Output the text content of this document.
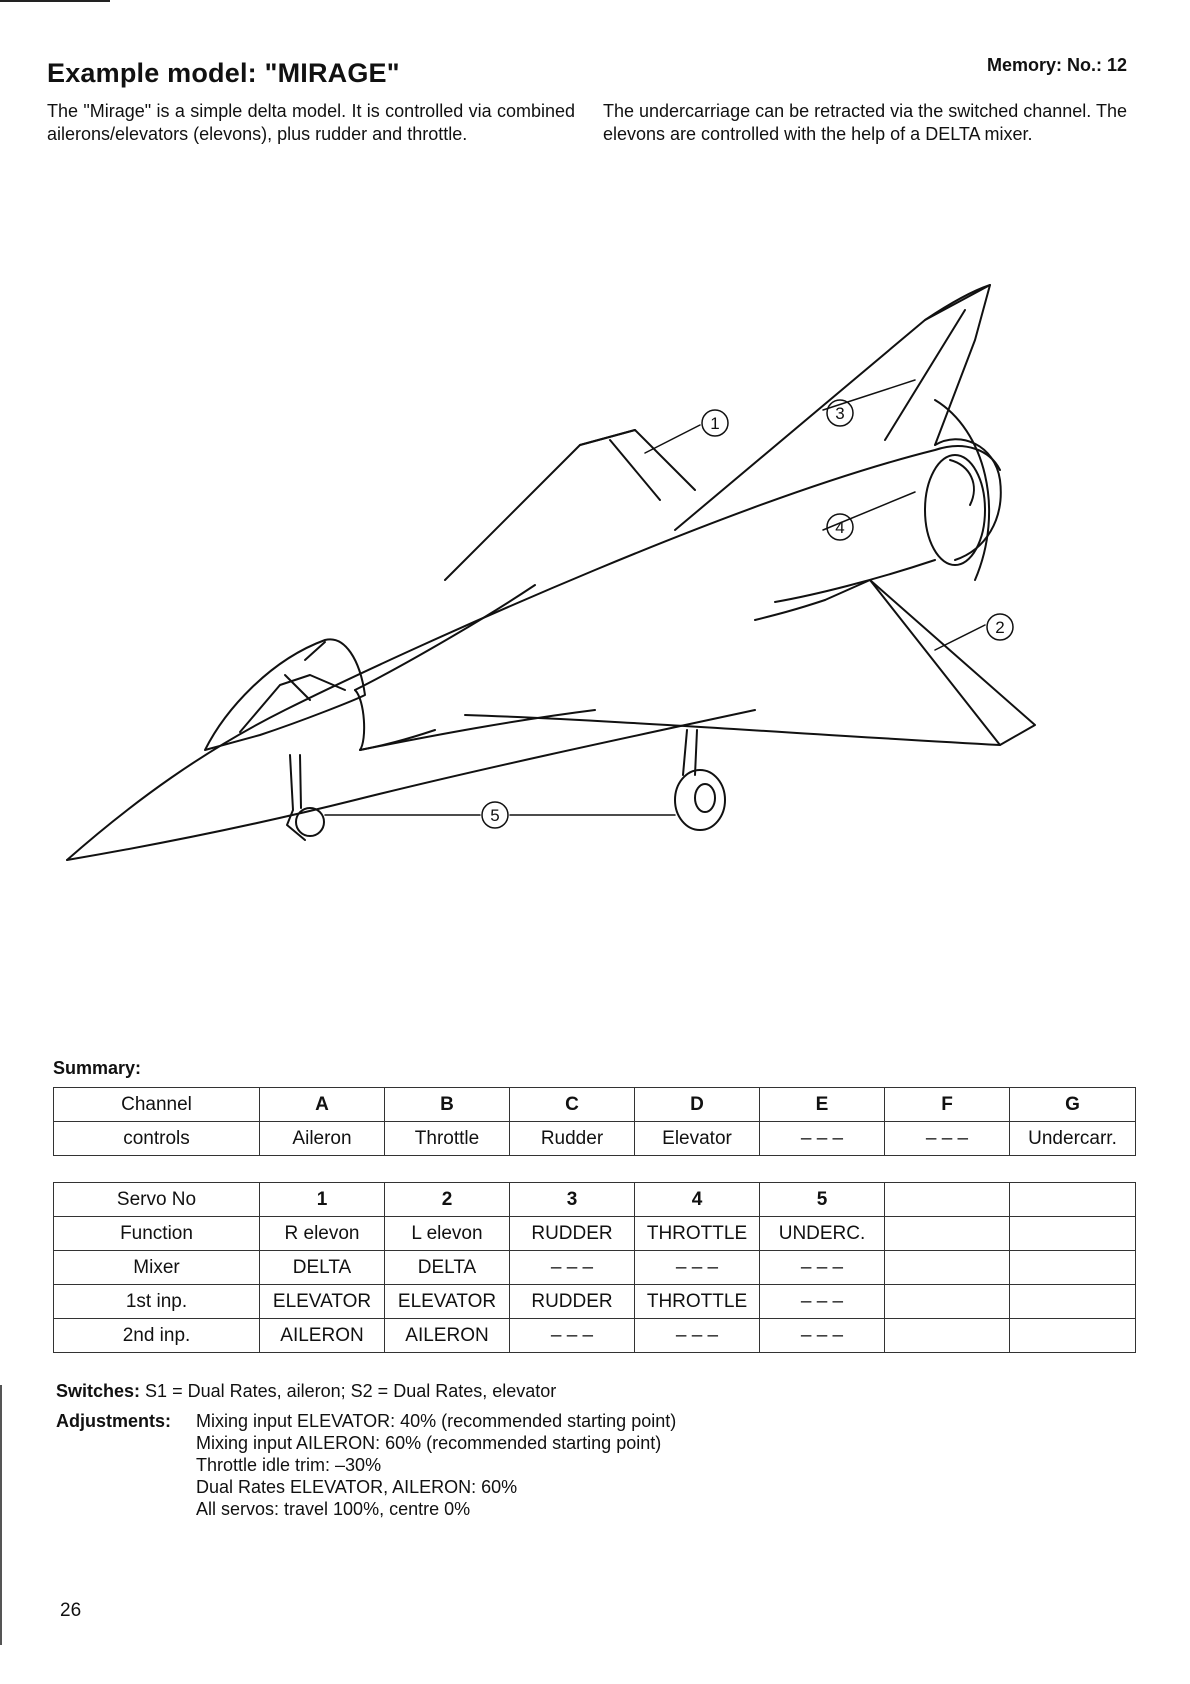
Example model: "MIRAGE"	Memory: No.: 12
The "Mirage" is a simple delta model. It is controlled via combined ailerons/elevators (elevons), plus rudder and throttle.
The undercarriage can be retracted via the switched channel. The elevons are controlled with the help of a DELTA mixer.
1
3
4
2
5
Summary:
Channel	A	B	C	D	E	F	G
controls	Aileron	Throttle	Rudder	Elevator	– – –	– – –	Undercarr.
Servo No	1	2	3	4	5		
Function	R elevon	L elevon	RUDDER	THROTTLE	UNDERC.		
Mixer	DELTA	DELTA	– – –	– – –	– – –		
1st inp.	ELEVATOR	ELEVATOR	RUDDER	THROTTLE	– – –		
2nd inp.	AILERON	AILERON	– – –	– – –	– – –		
Switches: S1 = Dual Rates, aileron; S2 = Dual Rates, elevator
Adjustments: Mixing input ELEVATOR: 40% (recommended starting point)
Mixing input AILERON: 60% (recommended starting point)
Throttle idle trim: –30%
Dual Rates ELEVATOR, AILERON: 60%
All servos: travel 100%, centre 0%
26
